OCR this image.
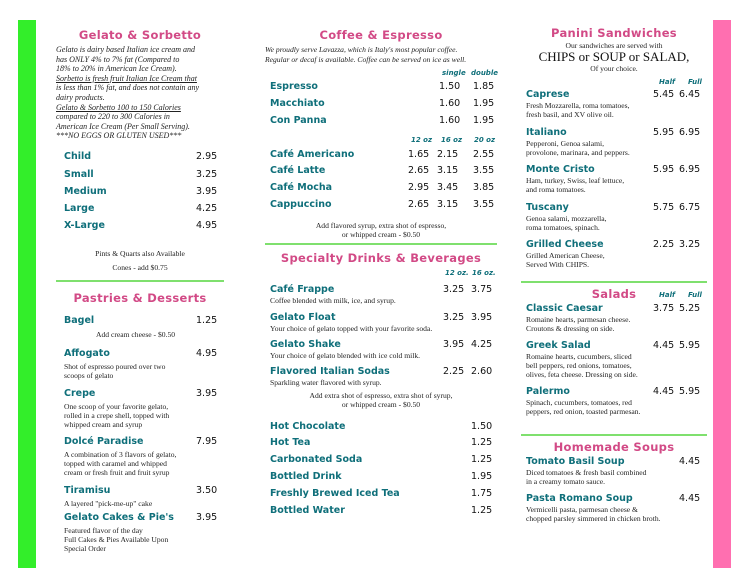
Gelato & Sorbetto
Gelato is dairy based Italian ice cream and
has ONLY 4% to 7% fat (Compared to
18% to 20% in American Ice Cream).
Sorbetto is fresh fruit Italian Ice Cream that
is less than 1% fat, and does not contain any
dairy products.
Gelato & Sorbetto 100 to 150 Calories
compared to 220 to 300 Calories in
American Ice Cream (Per Small Serving).
***NO EGGS OR GLUTEN USED***
Child	2.95
Small	3.25
Medium	3.95
Large	4.25
X-Large	4.95
Pints & Quarts also Available
Cones - add $0.75
Pastries & Desserts
Bagel	1.25
Add cream cheese - $0.50
Affogato	4.95
Shot of espresso poured over two
scoops of gelato
Crepe	3.95
One scoop of your favorite gelato,
rolled in a crepe shell, topped with
whipped cream and syrup
Dolcé Paradise	7.95
A combination of 3 flavors of gelato,
topped with caramel and whipped
cream or fresh fruit and fruit syrup
Tiramisu	3.50
A layered "pick-me-up" cake
Gelato Cakes & Pie's 3.95
Featured flavor of the day
Full Cakes & Pies Available Upon
Special Order
Coffee & Espresso
We proudly serve Lavazza, which is Italy's most popular coffee.
Regular or decaf is available. Coffee can be served on ice as well.
single double
Espresso	1.50 1.85
Macchiato	1.60 1.95
Con Panna	1.60 1.95
12 oz 16 oz 20 oz
Café Americano	1.65 2.15 2.55
Café Latte	2.65 3.15 3.55
Café Mocha	2.95 3.45 3.85
Cappuccino	2.65 3.15 3.55
Add flavored syrup, extra shot of espresso,
or whipped cream - $0.50
Specialty Drinks & Beverages
12 oz. 16 oz.
Café Frappe	3.25 3.75
Coffee blended with milk, ice, and syrup.
Gelato Float	3.25 3.95
Your choice of gelato topped with your favorite soda.
Gelato Shake	3.95 4.25
Your choice of gelato blended with ice cold milk.
Flavored Italian Sodas	2.25 2.60
Sparkling water flavored with syrup.
Add extra shot of espresso, extra shot of syrup,
or whipped cream - $0.50
Hot Chocolate	1.50
Hot Tea	1.25
Carbonated Soda	1.25
Bottled Drink	1.95
Freshly Brewed Iced Tea	1.75
Bottled Water	1.25
Panini Sandwiches
Our sandwiches are served with
CHIPS or SOUP or SALAD,
Of your choice.
Half Full
Caprese	5.45 6.45
Fresh Mozzarella, roma tomatoes,
fresh basil, and XV olive oil.
Italiano	5.95 6.95
Pepperoni, Genoa salami,
provolone, marinara, and peppers.
Monte Cristo	5.95 6.95
Ham, turkey, Swiss, leaf lettuce,
and roma tomatoes.
Tuscany	5.75 6.75
Genoa salami, mozzarella,
roma tomatoes, spinach.
Grilled Cheese	2.25 3.25
Grilled American Cheese,
Served With CHIPS.
Salads	Half Full
Classic Caesar	3.75 5.25
Romaine hearts, parmesan cheese.
Croutons & dressing on side.
Greek Salad	4.45 5.95
Romaine hearts, cucumbers, sliced
bell peppers, red onions, tomatoes,
olives, feta cheese. Dressing on side.
Palermo	4.45 5.95
Spinach, cucumbers, tomatoes, red
peppers, red onion, toasted parmesan.
Homemade Soups
Tomato Basil Soup	4.45
Diced tomatoes & fresh basil combined
in a creamy tomato sauce.
Pasta Romano Soup	4.45
Vermicelli pasta, parmesan cheese &
chopped parsley simmered in chicken broth.
